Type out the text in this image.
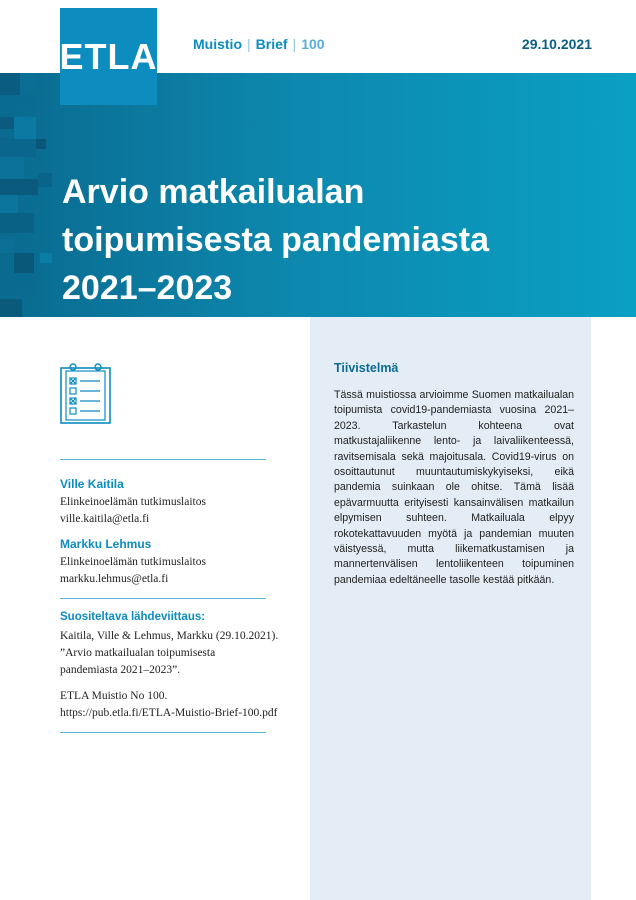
ETLA	Muistio | Brief | 100	29.10.2021
Arvio matkailualan toipumisesta pandemiasta 2021–2023
Ville Kaitila
Elinkeinoelämän tutkimuslaitos
ville.kaitila@etla.fi
Markku Lehmus
Elinkeinoelämän tutkimuslaitos
markku.lehmus@etla.fi
Suositeltava lähdeviittaus:
Kaitila, Ville & Lehmus, Markku (29.10.2021).
”Arvio matkailualan toipumisesta
pandemiasta 2021–2023”.
ETLA Muistio No 100.
https://pub.etla.fi/ETLA-Muistio-Brief-100.pdf
Tiivistelmä

Tässä muistiossa arvioimme Suomen matkailualan toipumista covid19-pandemiasta vuosina 2021–2023. Tarkastelun kohteena ovat matkustajaliikenne lento- ja laivaliikenteessä, ravitsemisala sekä majoitusala. Covid19-virus on osoittautunut muuntautumiskykyiseksi, eikä pandemia suinkaan ole ohitse. Tämä lisää epävarmuutta erityisesti kansainvälisen matkailun elpymisen suhteen. Matkailuala elpyy rokotekattavuuden myötä ja pandemian muuten väistyessä, mutta liikematkustamisen ja mannertenvälisen lentoliikenteen toipuminen pandemiaa edeltäneelle tasolle kestää pitkään.
